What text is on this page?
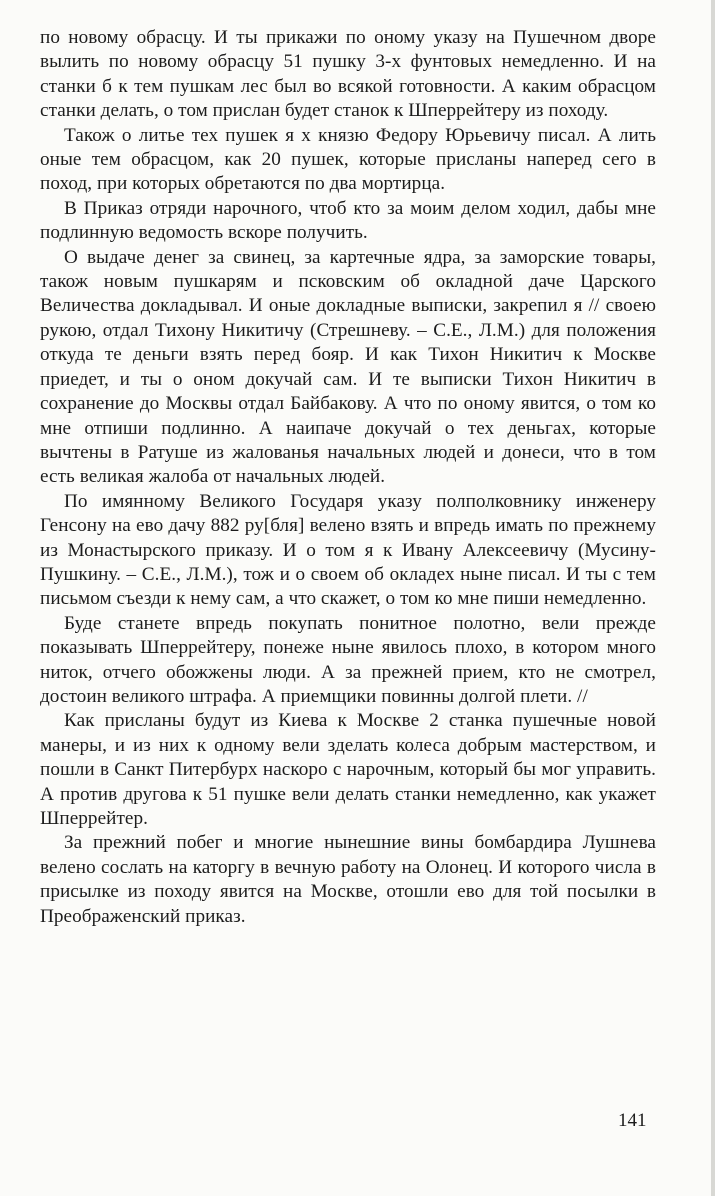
по новому обрасцу. И ты прикажи по оному указу на Пушечном дворе вылить по новому обрасцу 51 пушку 3-х фунтовых немедленно. И на станки б к тем пушкам лес был во всякой готовности. А каким обрасцом станки делать, о том прислан будет станок к Шперрейтеру из походу.

Також о литье тех пушек я х князю Федору Юрьевичу писал. А лить оные тем обрасцом, как 20 пушек, которые присланы наперед сего в поход, при которых обретаются по два мортирца.

В Приказ отряди нарочного, чтоб кто за моим делом ходил, дабы мне подлинную ведомость вскоре получить.

О выдаче денег за свинец, за картечные ядра, за заморские товары, також новым пушкарям и псковским об окладной даче Царского Величества докладывал. И оные докладные выписки, закрепил я // своею рукою, отдал Тихону Никитичу (Стрешневу. – С.Е., Л.М.) для положения откуда те деньги взять перед бояр. И как Тихон Никитич к Москве приедет, и ты о оном докучай сам. И те выписки Тихон Никитич в сохранение до Москвы отдал Байбакову. А что по оному явится, о том ко мне отпиши подлинно. А наипаче докучай о тех деньгах, которые вычтены в Ратуше из жалованья начальных людей и донеси, что в том есть великая жалоба от начальных людей.

По имянному Великого Государя указу полполковнику инженеру Генсону на ево дачу 882 ру[бля] велено взять и впредь имать по прежнему из Монастырского приказу. И о том я к Ивану Алексеевичу (Мусину-Пушкину. – С.Е., Л.М.), тож и о своем об окладех ныне писал. И ты с тем письмом съезди к нему сам, а что скажет, о том ко мне пиши немедленно.

Буде станете впредь покупать понитное полотно, вели прежде показывать Шперрейтеру, понеже ныне явилось плохо, в котором много ниток, отчего обожжены люди. А за прежней прием, кто не смотрел, достоин великого штрафа. А приемщики повинны долгой плети. //

Как присланы будут из Киева к Москве 2 станка пушечные новой манеры, и из них к одному вели зделать колеса добрым мастерством, и пошли в Санкт Питербурх наскоро с нарочным, который бы мог управить. А против другова к 51 пушке вели делать станки немедленно, как укажет Шперрейтер.

За прежний побег и многие нынешние вины бомбардира Лушнева велено сослать на каторгу в вечную работу на Олонец. И которого числа в присылке из походу явится на Москве, отошли ево для той посылки в Преображенский приказ.

141
